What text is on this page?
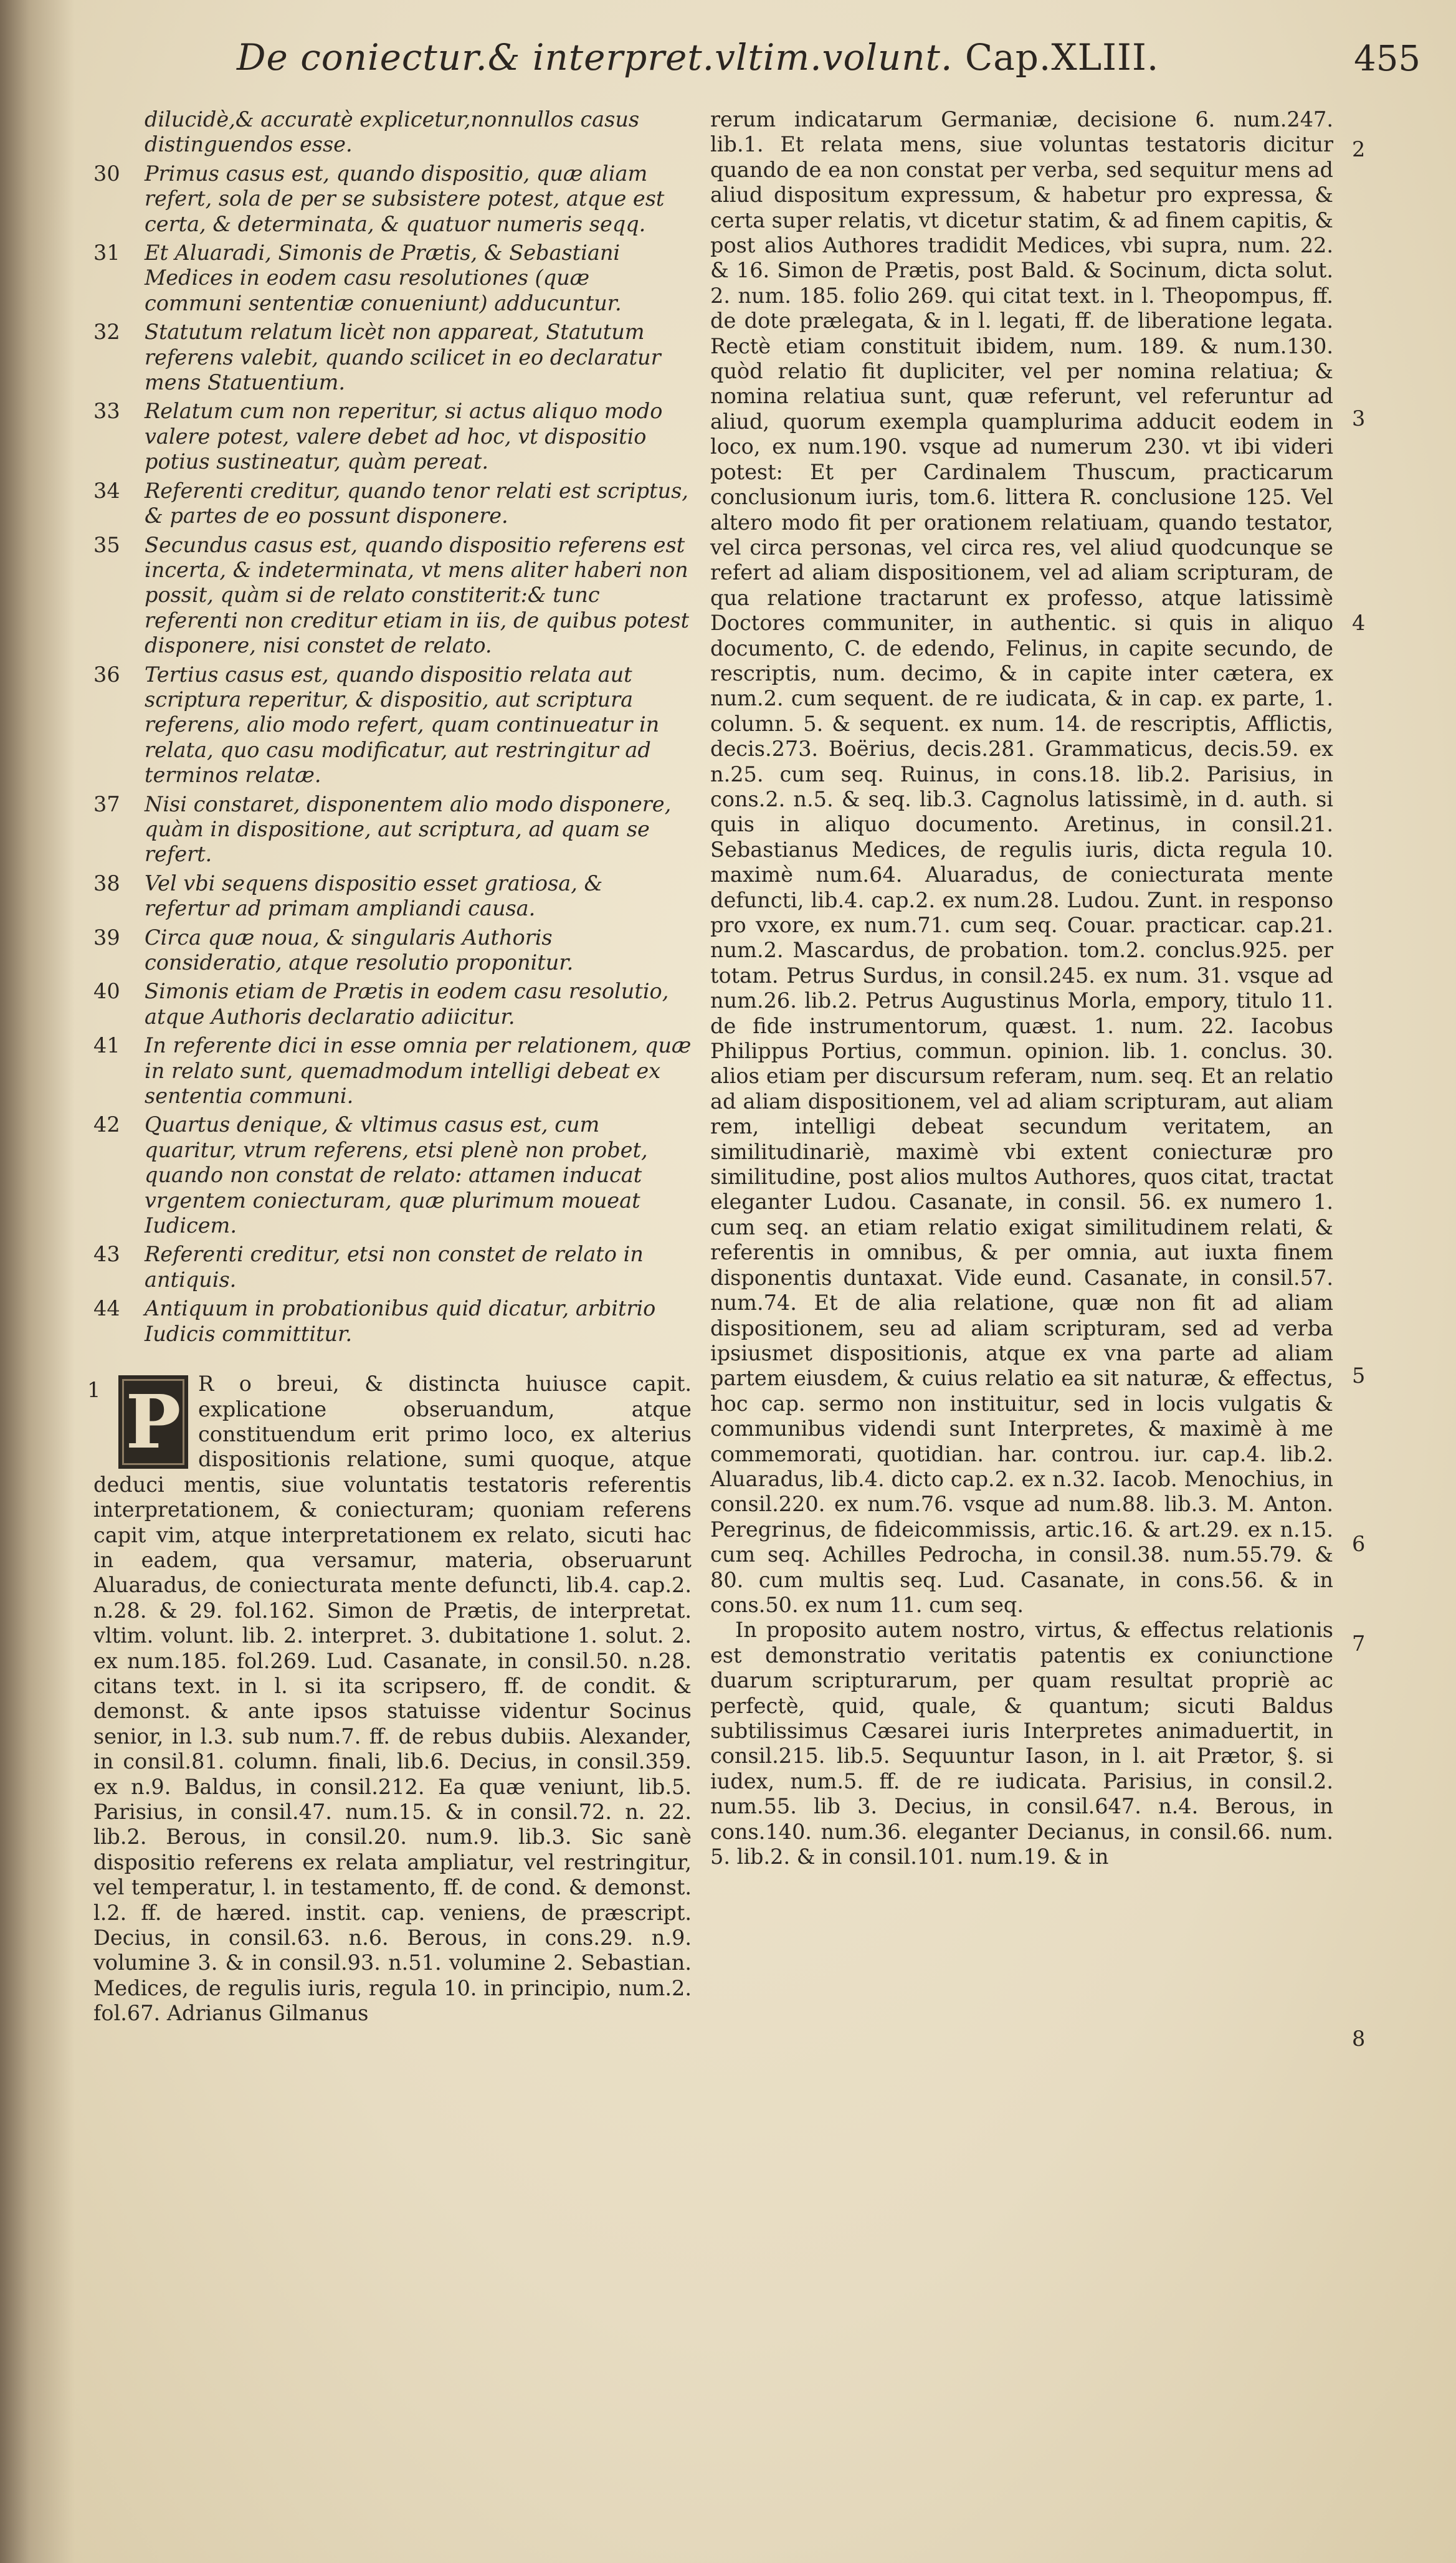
De coniectur.& interpret.vltim.volunt. Cap.XLIII.	455
dilucidè,& accuratè explicetur,nonnullos casus distinguendos esse.
30	Primus casus est, quando dispositio, quæ aliam refert, sola de per se subsistere potest, atque est certa, & determinata, & quatuor numeris seqq.
31	Et Aluaradi, Simonis de Prætis, & Sebastiani Medices in eodem casu resolutiones (quæ communi sententiæ conueniunt) adducuntur.
32	Statutum relatum licèt non appareat, Statutum referens valebit, quando scilicet in eo declaratur mens Statuentium.
33	Relatum cum non reperitur, si actus aliquo modo valere potest, valere debet ad hoc, vt dispositio potius sustineatur, quàm pereat.
34	Referenti creditur, quando tenor relati est scriptus, & partes de eo possunt disponere.
35	Secundus casus est, quando dispositio referens est incerta, & indeterminata, vt mens aliter haberi non possit, quàm si de relato constiterit:& tunc referenti non creditur etiam in iis, de quibus potest disponere, nisi constet de relato.
36	Tertius casus est, quando dispositio relata aut scriptura reperitur, & dispositio, aut scriptura referens, alio modo refert, quam continueatur in relata, quo casu modificatur, aut restringitur ad terminos relatæ.
37	Nisi constaret, disponentem alio modo disponere, quàm in dispositione, aut scriptura, ad quam se refert.
38	Vel vbi sequens dispositio esset gratiosa, & refertur ad primam ampliandi causa.
39	Circa quæ noua, & singularis Authoris consideratio, atque resolutio proponitur.
40	Simonis etiam de Prætis in eodem casu resolutio, atque Authoris declaratio adiicitur.
41	In referente dici in esse omnia per relationem, quæ in relato sunt, quemadmodum intelligi debeat ex sententia communi.
42	Quartus denique, & vltimus casus est, cum quaritur, vtrum referens, etsi plenè non probet, quando non constat de relato: attamen inducat vrgentem coniecturam, quæ plurimum moueat Iudicem.
43	Referenti creditur, etsi non constet de relato in antiquis.
44	Antiquum in probationibus quid dicatur, arbitrio Iudicis committitur.
1 P R o breui, & distincta huiusce capit. explicatione obseruandum, atque constituendum erit primo loco, ex alterius dispositionis relatione, sumi quoque, atque deduci mentis, siue voluntatis testatoris referentis interpretationem, & coniecturam; quoniam referens capit vim, atque interpretationem ex relato, sicuti hac in eadem, qua versamur, materia, obseruarunt Aluaradus, de coniecturata mente defuncti, lib.4. cap.2. n.28. & 29. fol.162. Simon de Prætis, de interpretat. vltim. volunt. lib. 2. interpret. 3. dubitatione 1. solut. 2. ex num.185. fol.269. Lud. Casanate, in consil.50. n.28. citans text. in l. si ita scripsero, ff. de condit. & demonst. & ante ipsos statuisse videntur Socinus senior, in l.3. sub num.7. ff. de rebus dubiis. Alexander, in consil.81. column. finali, lib.6. Decius, in consil.359. ex n.9. Baldus, in consil.212. Ea quæ veniunt, lib.5. Parisius, in consil.47. num.15. & in consil.72. n. 22. lib.2. Berous, in consil.20. num.9. lib.3. Sic sanè dispositio referens ex relata ampliatur, vel restringitur, vel temperatur, l. in testamento, ff. de cond. & demonst. l.2. ff. de hæred. instit. cap. veniens, de præscript. Decius, in consil.63. n.6. Berous, in cons.29. n.9. volumine 3. & in consil.93. n.51. volumine 2. Sebastian. Medices, de regulis iuris, regula 10. in principio, num.2. fol.67. Adrianus Gilmanus

rerum indicatarum Germaniæ, decisione 6. num.247. lib.1. Et relata mens, siue voluntas testatoris dicitur quando de ea non constat per verba, sed sequitur mens ad aliud dispositum expressum, & habetur pro expressa, & certa super relatis, vt dicetur statim, & ad finem capitis, & post alios Authores tradidit Medices, vbi supra, num. 22. & 16. Simon de Prætis, post Bald. & Socinum, dicta solut. 2. num. 185. folio 269. qui citat text. in l. Theopompus, ff. de dote prælegata, & in l. legati, ff. de liberatione legata. Rectè etiam constituit ibidem, num. 189. & num.130. quòd relatio fit dupliciter, vel per nomina relatiua; & nomina relatiua sunt, quæ referunt, vel referuntur ad aliud, quorum exempla quamplurima adducit eodem in loco, ex num.190. vsque ad numerum 230. vt ibi videri potest: Et per Cardinalem Thuscum, practicarum conclusionum iuris, tom.6. littera R. conclusione 125. Vel altero modo fit per orationem relatiuam, quando testator, vel circa personas, vel circa res, vel aliud quodcunque se refert ad aliam dispositionem, vel ad aliam scripturam, de qua relatione tractarunt ex professo, atque latissimè Doctores communiter, in authentic. si quis in aliquo documento, C. de edendo, Felinus, in capite secundo, de rescriptis, num. decimo, & in capite inter cætera, ex num.2. cum sequent. de re iudicata, & in cap. ex parte, 1. column. 5. & sequent. ex num. 14. de rescriptis, Afflictis, decis.273. Boërius, decis.281. Grammaticus, decis.59. ex n.25. cum seq. Ruinus, in cons.18. lib.2. Parisius, in cons.2. n.5. & seq. lib.3. Cagnolus latissimè, in d. auth. si quis in aliquo documento. Aretinus, in consil.21. Sebastianus Medices, de regulis iuris, dicta regula 10. maximè num.64. Aluaradus, de coniecturata mente defuncti, lib.4. cap.2. ex num.28. Ludou. Zunt. in responso pro vxore, ex num.71. cum seq. Couar. practicar. cap.21. num.2. Mascardus, de probation. tom.2. conclus.925. per totam. Petrus Surdus, in consil.245. ex num. 31. vsque ad num.26. lib.2. Petrus Augustinus Morla, empory, titulo 11. de fide instrumentorum, quæst. 1. num. 22. Iacobus Philippus Portius, commun. opinion. lib. 1. conclus. 30. alios etiam per discursum referam, num. seq. Et an relatio ad aliam dispositionem, vel ad aliam scripturam, aut aliam rem, intelligi debeat secundum veritatem, an similitudinariè, maximè vbi extent coniecturæ pro similitudine, post alios multos Authores, quos citat, tractat eleganter Ludou. Casanate, in consil. 56. ex numero 1. cum seq. an etiam relatio exigat similitudinem relati, & referentis in omnibus, & per omnia, aut iuxta finem disponentis duntaxat. Vide eund. Casanate, in consil.57. num.74. Et de alia relatione, quæ non fit ad aliam dispositionem, seu ad aliam scripturam, sed ad verba ipsiusmet dispositionis, atque ex vna parte ad aliam partem eiusdem, & cuius relatio ea sit naturæ, & effectus, hoc cap. sermo non instituitur, sed in locis vulgatis & communibus videndi sunt Interpretes, & maximè à me commemorati, quotidian. har. controu. iur. cap.4. lib.2. Aluaradus, lib.4. dicto cap.2. ex n.32. Iacob. Menochius, in consil.220. ex num.76. vsque ad num.88. lib.3. M. Anton. Peregrinus, de fideicommissis, artic.16. & art.29. ex n.15. cum seq. Achilles Pedrocha, in consil.38. num.55.79. & 80. cum multis seq. Lud. Casanate, in cons.56. & in cons.50. ex num 11. cum seq.

In proposito autem nostro, virtus, & effectus relationis est demonstratio veritatis patentis ex coniunctione duarum scripturarum, per quam resultat propriè ac perfectè, quid, quale, & quantum; sicuti Baldus subtilissimus Cæsarei iuris Interpretes animaduertit, in consil.215. lib.5. Sequuntur Iason, in l. ait Prætor, §. si iudex, num.5. ff. de re iudicata. Parisius, in consil.2. num.55. lib 3. Decius, in consil.647. n.4. Berous, in cons.140. num.36. eleganter Decianus, in consil.66. num. 5. lib.2. & in consil.101. num.19. & in

2
3
4
5
6
7
8
